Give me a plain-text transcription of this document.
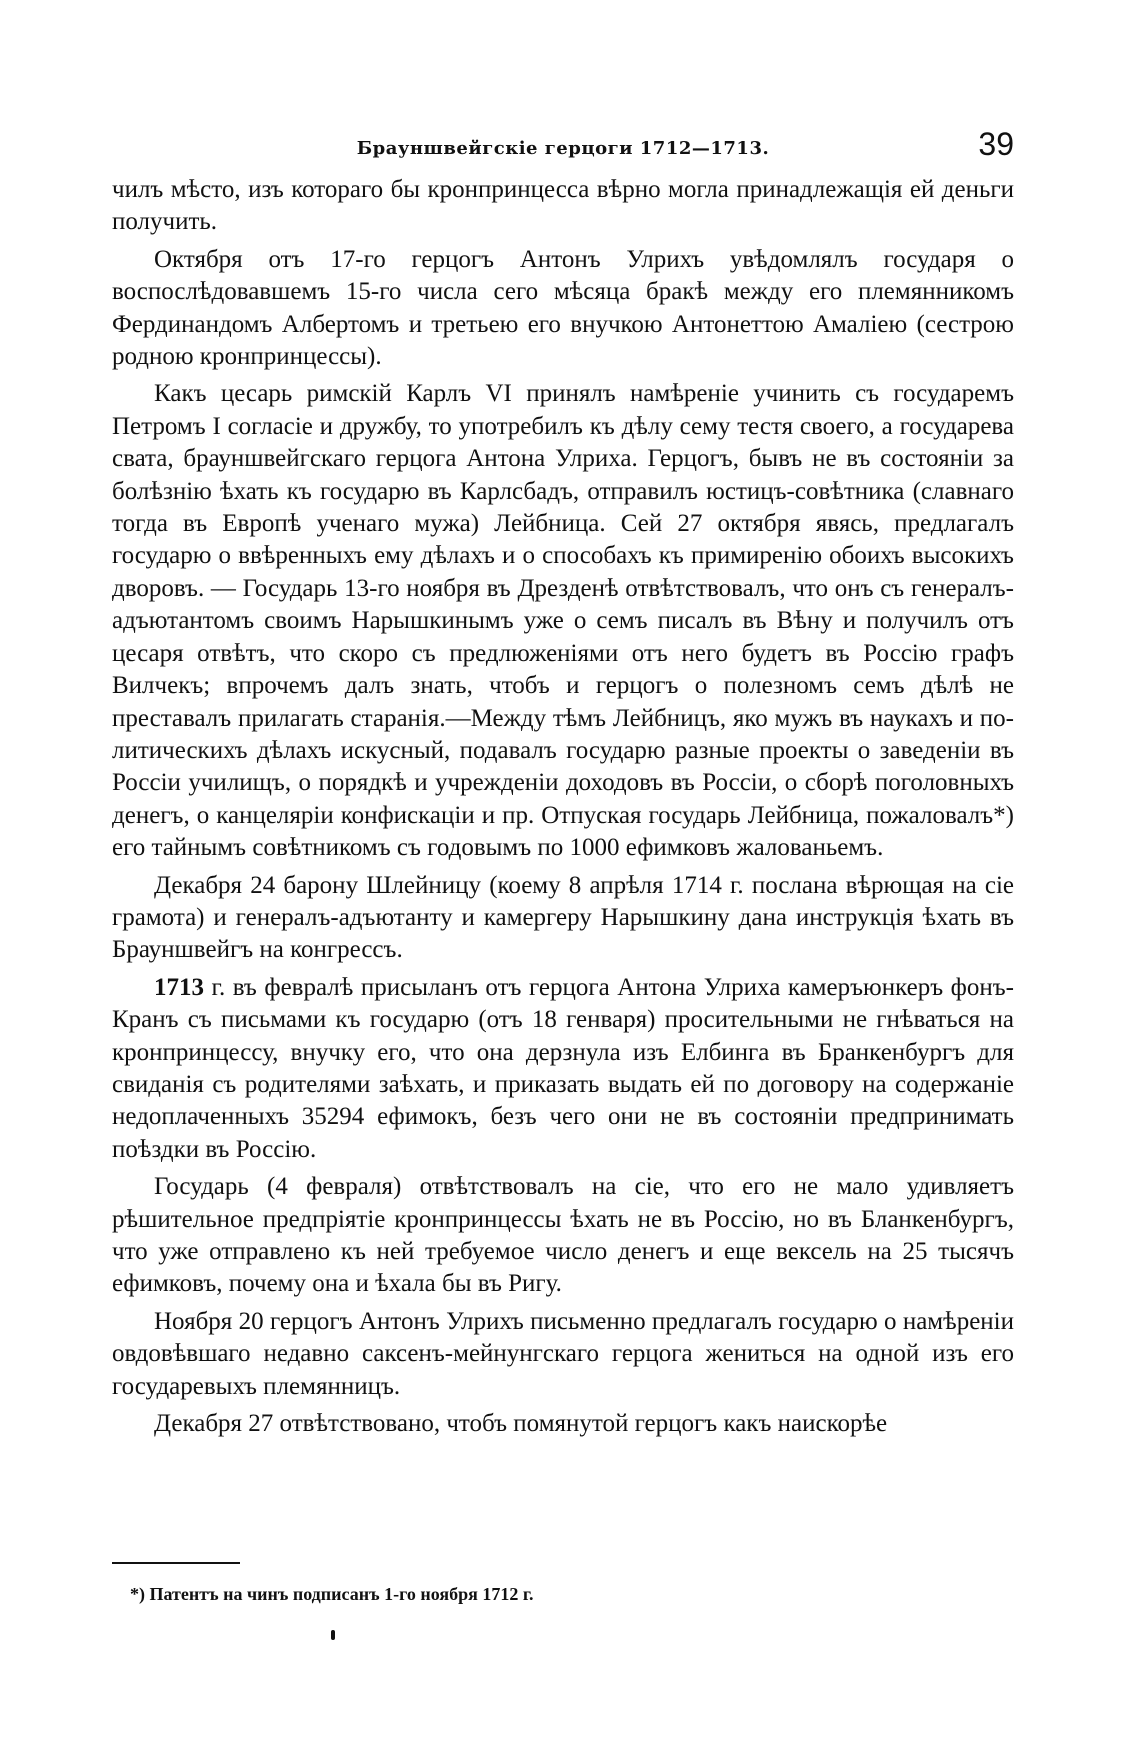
Брауншвейгскіе герцоги 1712—1713.	39

чилъ мѣсто, изъ котораго бы кронпринцесса вѣрно могла принадлежащія ей деньги получить.

Октября отъ 17-го герцогъ Антонъ Улрихъ увѣдомлялъ государя о воспослѣдовавшемъ 15-го числа сего мѣсяца бракѣ между его племянникомъ Фердинандомъ Албертомъ и третьею его внучкою Антонеттою Амаліею (сестрою родною кронпринцессы).

Какъ цесарь римскій Карлъ VI принялъ намѣреніе учинить съ государемъ Петромъ I согласіе и дружбу, то употребилъ къ дѣлу сему тестя своего, а государева свата, брауншвейгскаго герцога Антона Улриха. Герцогъ, бывъ не въ состояніи за болѣзнію ѣхать къ государю въ Карлсбадъ, отправилъ юстицъ-совѣтника (славнаго тогда въ Европѣ ученаго мужа) Лейбница. Сей 27 октября явясь, предлагалъ государю о ввѣренныхъ ему дѣлахъ и о способахъ къ примиренію обоихъ высокихъ дворовъ. — Государь 13-го ноября въ Дрезденѣ отвѣтствовалъ, что онъ съ генералъ-адъютантомъ своимъ Нарышкинымъ уже о семъ писалъ въ Вѣну и получилъ отъ цесаря отвѣтъ, что скоро съ предлюженіями отъ него будетъ въ Россію графъ Вилчекъ; впрочемъ далъ знать, чтобъ и герцогъ о полезномъ семъ дѣлѣ не преставалъ прилагать старанія.—Между тѣмъ Лейбницъ, яко мужъ въ наукахъ и политическихъ дѣлахъ искусный, подавалъ государю разные проекты о заведеніи въ Россіи училищъ, о порядкѣ и учрежденіи доходовъ въ Россіи, о сборѣ поголовныхъ денегъ, о канцеляріи конфискаціи и пр. Отпуская государь Лейбница, пожаловалъ*) его тайнымъ совѣтникомъ съ годовымъ по 1000 ефимковъ жалованьемъ.

Декабря 24 барону Шлейницу (коему 8 апрѣля 1714 г. послана вѣрющая на сіе грамота) и генералъ-адъютанту и камергеру Нарышкину дана инструкція ѣхать въ Брауншвейгъ на конгрессъ.

1713 г. въ февралѣ присыланъ отъ герцога Антона Улриха камеръюнкеръ фонъ-Кранъ съ письмами къ государю (отъ 18 генваря) просительными не гнѣваться на кронпринцессу, внучку его, что она дерзнула изъ Елбинга въ Бранкенбургъ для свиданія съ родителями заѣхать, и приказать выдать ей по договору на содержаніе недоплаченныхъ 35294 ефимокъ, безъ чего они не въ состояніи предпринимать поѣздки въ Россію.

Государь (4 февраля) отвѣтствовалъ на сіе, что его не мало удивляетъ рѣшительное предпріятіе кронпринцессы ѣхать не въ Россію, но въ Бланкенбургъ, что уже отправлено къ ней требуемое число денегъ и еще вексель на 25 тысячъ ефимковъ, почему она и ѣхала бы въ Ригу.

Ноября 20 герцогъ Антонъ Улрихъ письменно предлагалъ государю о намѣреніи овдовѣвшаго недавно саксенъ-мейнунгскаго герцога жениться на одной изъ его государевыхъ племянницъ.

Декабря 27 отвѣтствовано, чтобъ помянутой герцогъ какъ наискорѣе

*) Патентъ на чинъ подписанъ 1-го ноября 1712 г.
